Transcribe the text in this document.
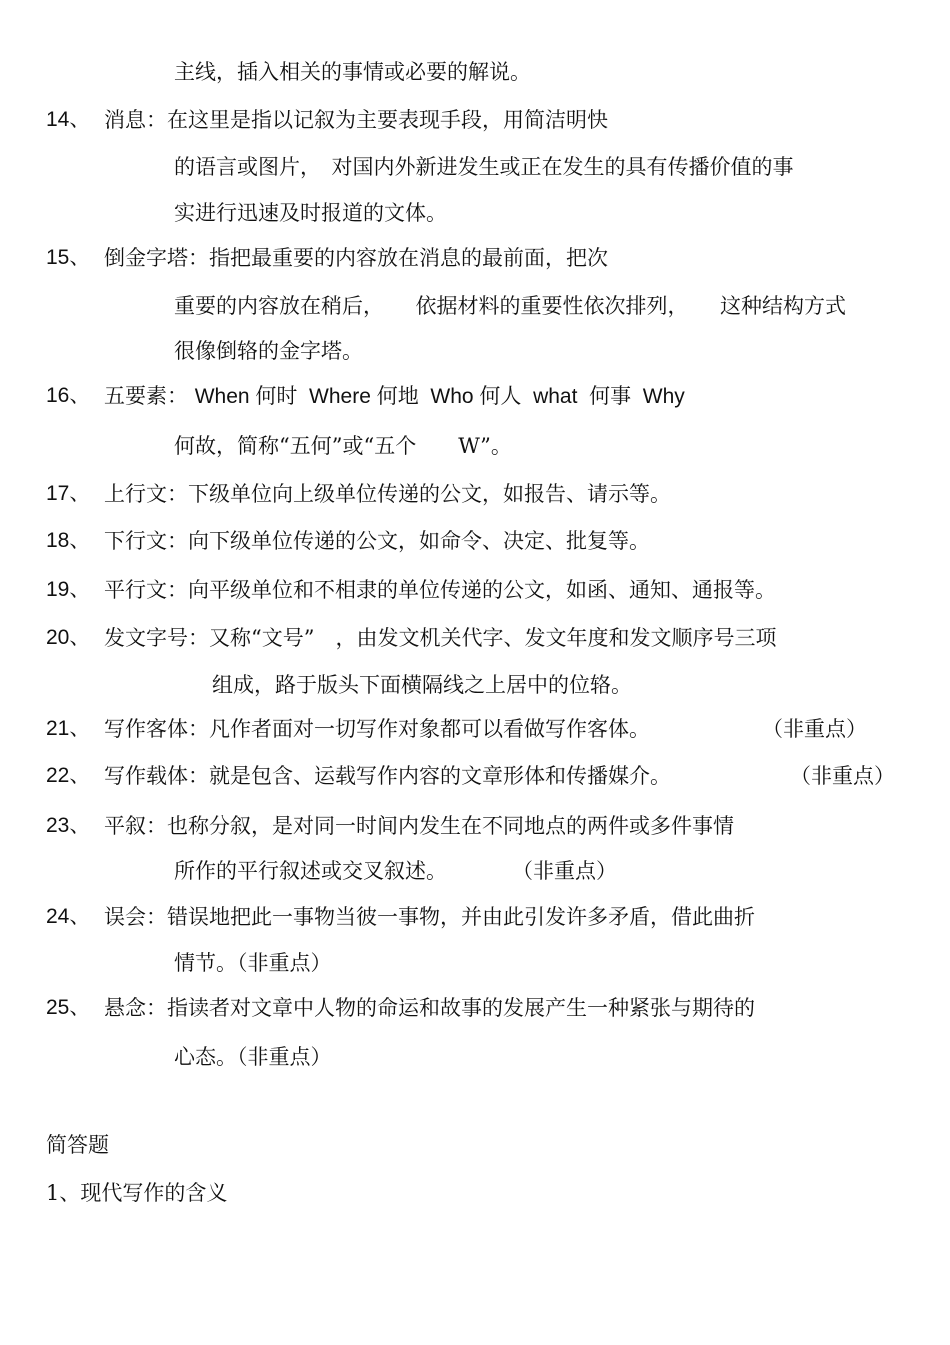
主线，插入相关的事情或必要的解说。
14、 消息：在这里是指以记叙为主要表现手段，用简洁明快
的语言或图片，　对国内外新进发生或正在发生的具有传播价值的事
实进行迅速及时报道的文体。
15、 倒金字塔：指把最重要的内容放在消息的最前面，把次
重要的内容放在稍后，　　依据材料的重要性依次排列，　　这种结构方式
很像倒辂的金字塔。
16、 五要素： When 何时  Where 何地  Who 何人  what  何事  Why
何故，简称“五何”或“五个　　W”。
17、 上行文：下级单位向上级单位传递的公文，如报告、请示等。
18、 下行文：向下级单位传递的公文，如命令、决定、批复等。
19、 平行文：向平级单位和不相隶的单位传递的公文，如函、通知、通报等。
20、 发文字号：又称“文号”　，由发文机关代字、发文年度和发文顺序号三项
组成，路于版头下面横隔线之上居中的位辂。
21、 写作客体：凡作者面对一切写作对象都可以看做写作客体。	（非重点）
22、 写作载体：就是包含、运载写作内容的文章形体和传播媒介。	（非重点）
23、 平叙：也称分叙，是对同一时间内发生在不同地点的两件或多件事情
所作的平行叙述或交叉叙述。	（非重点）
24、 误会：错误地把此一事物当彼一事物，并由此引发许多矛盾，借此曲折
情节。（非重点）
25、 悬念：指读者对文章中人物的命运和故事的发展产生一种紧张与期待的
心态。（非重点）
简答题
1、现代写作的含义
